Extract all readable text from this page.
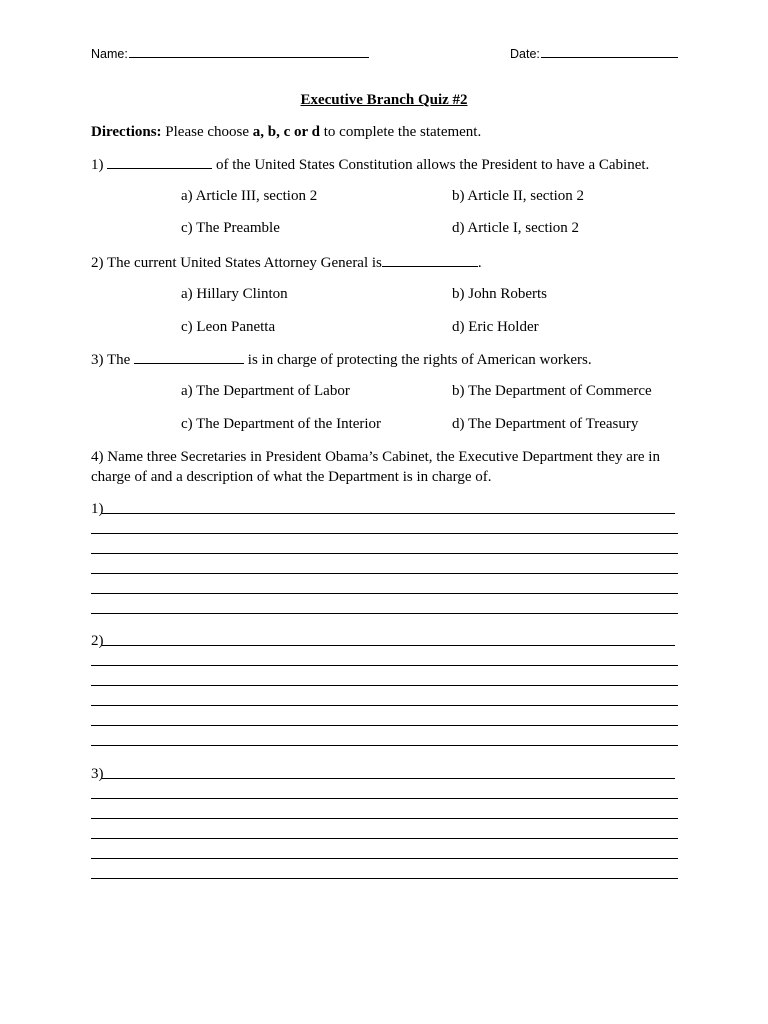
Name:	Date:
Executive Branch Quiz #2
Directions: Please choose a, b, c or d to complete the statement.
1)	of the United States Constitution allows the President to have a Cabinet.
a) Article III, section 2	b) Article II, section 2
c) The Preamble	d) Article I, section 2
2) The current United States Attorney General is	.
a) Hillary Clinton	b) John Roberts
c) Leon Panetta	d) Eric Holder
3) The	is in charge of protecting the rights of American workers.
a) The Department of Labor	b) The Department of Commerce
c) The Department of the Interior	d) The Department of Treasury
4) Name three Secretaries in President Obama’s Cabinet, the Executive Department they are in charge of and a description of what the Department is in charge of.
1)
2)
3)
